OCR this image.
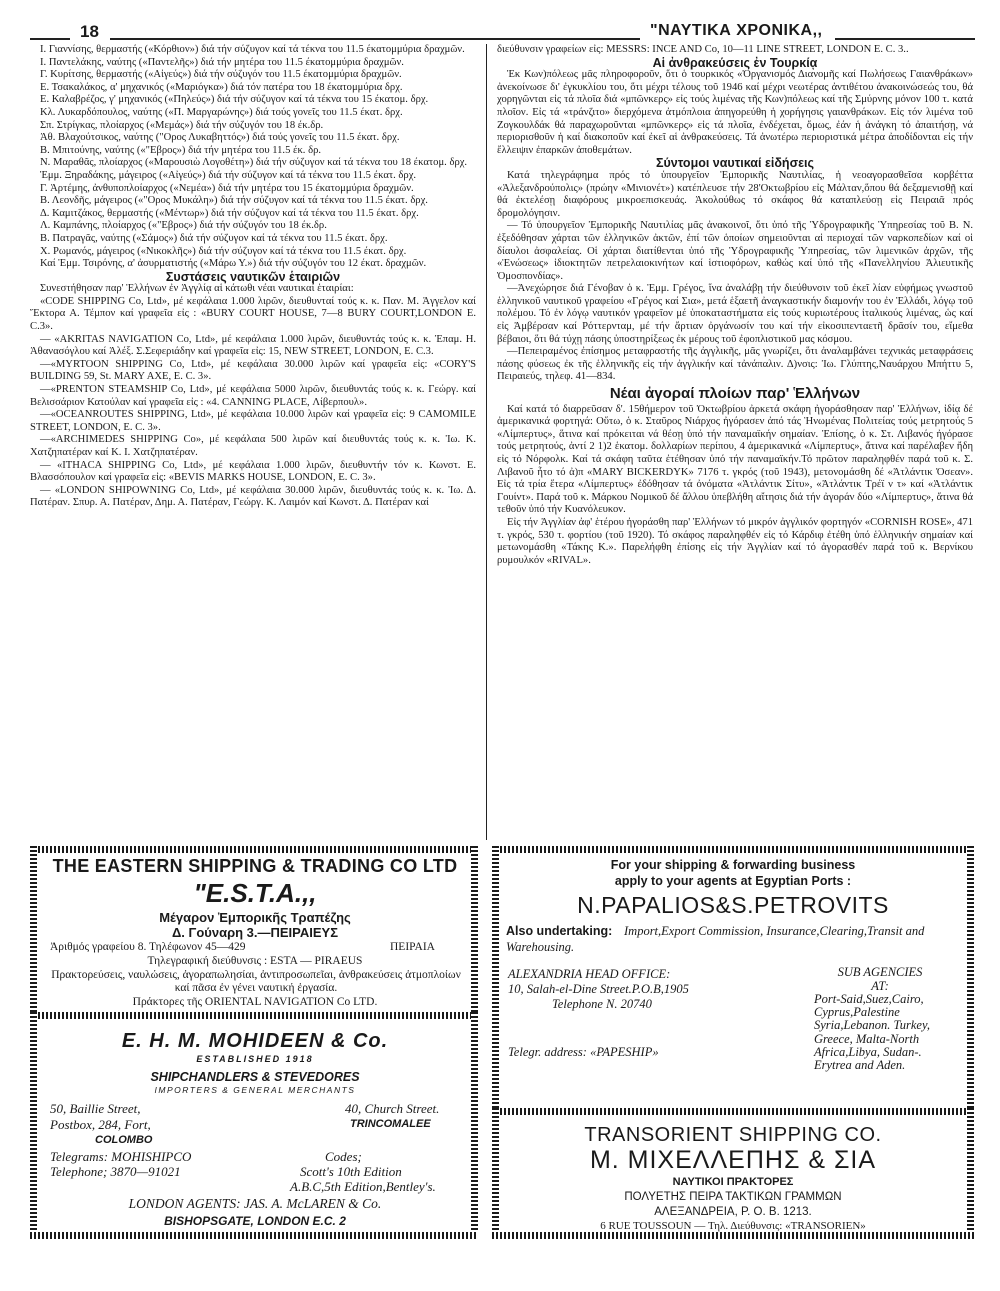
18	"ΝΑΥΤΙΚΑ ΧΡΟΝΙΚΑ,,

Ι. Γιαννίσης, θερμαστής («Κόρθιον») διά τήν σύζυγον καί τά τέκνα του 11.5 έκατομμύρια δραχμῶν.

Ι. Παντελάκης, ναύτης («Παντελῆς») διά τήν μητέρα του 11.5 έκατομμύρια δραχμῶν.

Γ. Κυρίτσης, θερμαστής («Αἰγεύς») διά τήν σύζυγόν του 11.5 έκατομμύρια δραχμῶν.

Ε. Τσακαλάκος, α' μηχανικός («Μαριόγκα») διά τόν πατέρα του 18 έκατομμύρια δρχ.

Ε. Καλαβρέζος, γ' μηχανικός («Πηλεύς») διά τήν σύζυγον καί τά τέκνα του 15 έκατομ. δρχ.

Κλ. Λυκαρδόπουλος, ναύτης («Π. Μαργαρώνης») διά τούς γονεῖς του 11.5 έκατ. δρχ.

Σπ. Στρίγκας, πλοίαρχος («Μεμάς») διά τήν σύζυγόν του 18 έκ.δρ.

Ἀθ. Βλαχούτσικος, ναύτης ("Ορος Λυκαβηττός») διά τούς γονεῖς του 11.5 έκατ. δρχ.

Β. Μπιτούνης, ναύτης («"Εβρος») διά τήν μητέρα του 11.5 έκ. δρ.

Ν. Μαραθᾶς, πλοίαρχος («Μαρουσιὼ Λογοθέτη») διά τήν σύζυγον καί τά τέκνα του 18 έκατομ. δρχ.

Ἐμμ. Ξηραδάκης, μάγειρος («Αἰγεύς») διά τήν σύζυγον καί τά τέκνα του 11.5 έκατ. δρχ.

Γ. Ἀρτέμης, ἀνθυποπλοίαρχος («Νεμέα») διά τήν μητέρα του 15 έκατομμύρια δραχμῶν.

Β. Λεονδῆς, μάγειρος («"Ορος Μυκάλη») διά τήν σύζυγον καί τά τέκνα του 11.5 έκατ. δρχ.

Δ. Καμιτζάκος, θερμαστής («Μέντωρ») διά τήν σύζυγον καί τά τέκνα του 11.5 έκατ. δρχ.

Λ. Καμπάνης, πλοίαρχος («"Εβρος») διά τήν σύζυγόν του 18 έκ.δρ.

Β. Πατραγᾶς, ναύτης («Σάμος») διά τήν σύζυγον καί τά τέκνα του 11.5 έκατ. δρχ.

Χ. Ρωμανός, μάγειρος («Νικοκλῆς») διά τήν σύζυγον καί τά τέκνα του 11.5 έκατ. δρχ.

Καί Ἐμμ. Τσιρόνης, α' ἀσυρματιστής («Μάρω Υ.») διά τήν σύζυγόν του 12 έκατ. δραχμῶν.

Συστάσεις ναυτικῶν ἑταιριῶν

Συνεστήθησαν παρ' Ἑλλήνων ἐν Ἀγγλίᾳ αἱ κάτωθι νέαι ναυτικαί ἑταιρίαι:

«CODE SHIPPING Co, Ltd», μέ κεφάλαια 1.000 λιρῶν, διευθυνταί τούς κ. κ. Παν. Μ. Ἀγγελον καί Ἕκτορα Α. Τέμπον καί γραφεῖα εἰς : «BURY COURT HOUSE, 7—8 BURY COURT,LONDON E. C.3».

— «AKRITAS NAVIGATION Co, Ltd», μέ κεφάλαια 1.000 λιρῶν, διευθυντάς τούς κ. κ. Ἐπαμ. Η. Ἀθανασόγλου καί Ἀλέξ. Σ.Σεφεριάδην καί γραφεῖα εἰς: 15, NEW STREET, LONDON, E. C.3.

—«MYRTOON SHIPPING Co, Ltd», μέ κεφάλαια 30.000 λιρῶν καί γραφεῖα εἰς: «CORY'S BUILDING 59, St. MARY AXE, E. C. 3».

—«PRENTON STEAMSHIP Co, Ltd», μέ κεφάλαια 5000 λιρῶν, διευθυντάς τούς κ. κ. Γεώργ. καί Βελισσάριον Κατούλαν καί γραφεῖα εἰς : «4. CANNING PLACE, Λίβερπουλ».

—«OCEANROUTES SHIPPING, Ltd», μέ κεφάλαια 10.000 λιρῶν καί γραφεῖα εἰς: 9 CAMOMILE STREET, LONDON, E. C. 3».

—«ARCHIMEDES SHIPPING Co», μέ κεφάλαια 500 λιρῶν καί διευθυντάς τούς κ. κ. Ἰω. Κ. Χατζηπατέραν καί Κ. Ι. Χατζηπατέραν.

— «ITHACA SHIPPING Co, Ltd», μέ κεφάλαια 1.000 λιρῶν, διευθυντήν τόν κ. Κωνστ. Ε. Βλασσόπουλον καί γραφεῖα εἰς: «BEVIS MARKS HOUSE, LONDON, E. C. 3».

— «LONDON SHIPOWNING Co, Ltd», μέ κεφάλαια 30.000 λιρῶν, διευθυντάς τούς κ. κ. Ἰω. Δ. Πατέραν. Σπυρ. Α. Πατέραν, Δημ. Α. Πατέραν, Γεώργ. Κ. Λαιμόν καί Κωνστ. Δ. Πατέραν καί

διεύθυνσιν γραφείων εἰς: MESSRS: INCE AND Co, 10—11 LINE STREET, LONDON E. C. 3..

Αἱ ἀνθρακεύσεις ἐν Τουρκίᾳ

Ἐκ Κων)πόλεως μᾶς πληροφοροῦν, ὅτι ὁ τουρκικός «Ὀργανισμός Διανομῆς καί Πωλήσεως Γαιανθράκων» ἀνεκοίνωσε δι' ἐγκυκλίου του, ὅτι μέχρι τέλους τοῦ 1946 καί μέχρι νεωτέρας ἀντιθέτου ἀνακοινώσεώς του, θά χορηγῶνται εἰς τά πλοῖα διά «μπῶνκερς» εἰς τούς λιμένας τῆς Κων)πόλεως καί τῆς Σμύρνης μόνον 100 τ. κατά πλοῖον. Εἰς τά «τράνζιτο» διερχόμενα ἀτμόπλοια ἀπηγορεύθη ἡ χορήγησις γαιανθράκων. Εἰς τόν λιμένα τοῦ Ζογκουλδάκ θά παραχωροῦνται «μπῶνκερς» εἰς τά πλοῖα, ἐνδέχεται, ὅμως, ἐάν ἡ ἀνάγκη τό ἀπαιτήσῃ, νά περιορισθοῦν ἡ καί διακοποῦν καί ἐκεῖ αἱ ἀνθρακεύσεις. Τά ἀνωτέρω περιοριστικά μέτρα ἀποδίδονται εἰς τήν ἔλλειψιν ἐπαρκῶν ἀποθεμάτων.

Σύντομοι ναυτικαί εἰδήσεις

Κατά τηλεγράφημα πρός τό ὑπουργεῖον Ἐμπορικῆς Ναυτιλίας, ἡ νεοαγορασθεῖσα κορβέττα «Ἀλεξανδρούπολις» (πρώην «Μινιονέτ») κατέπλευσε τήν 28'Οκτωβρίου εἰς Μάλταν,ὅπου θά δεξαμενισθῇ καί θά ἐκτελέσῃ διαφόρους μικροεπισκευάς. Ἀκολούθως τό σκάφος θά καταπλεύσῃ εἰς Πειραιᾶ πρός δρομολόγησιν.

— Τό ὑπουργεῖον Ἐμπορικῆς Ναυτιλίας μᾶς ἀνακοινοῖ, ὅτι ὑπό τῆς Ὑδρογραφικῆς Ὑπηρεσίας τοῦ Β. Ν. ἐξεδόθησαν χάρται τῶν ἑλληνικῶν ἀκτῶν, ἐπί τῶν ὁποίων σημειοῦνται αἱ περιοχαί τῶν ναρκοπεδίων καί οἱ δίαυλοι ἀσφαλείας. Οἱ χάρται διατίθενται ὑπό τῆς Ὑδρογραφικῆς Ὑπηρεσίας, τῶν λιμενικῶν ἀρχῶν, τῆς «Ἑνώσεως» ἰδιοκτητῶν πετρελαιοκινήτων καί ἱστιοφόρων, καθώς καί ὑπό τῆς «Πανελληνίου Ἀλιευτικῆς Ὁμοσπονδίας».

—Ἀνεχώρησε διά Γένοβαν ὁ κ. Ἐμμ. Γρέγος, ἵνα ἀναλάβῃ τήν διεύθυνσιν τοῦ ἐκεῖ λίαν εὐφήμως γνωστοῦ ἑλληνικοῦ ναυτικοῦ γραφείου «Γρέγος καί Σια», μετά ἑξαετῆ ἀναγκαστικήν διαμονήν του ἐν Ἑλλάδι, λόγῳ τοῦ πολέμου. Τό ἐν λόγῳ ναυτικόν γραφεῖον μέ ὑποκαταστήματα εἰς τούς κυριωτέρους ἰταλικούς λιμένας, ὡς καί εἰς Ἀμβέρσαν καί Ρόττερνταμ, μέ τήν ἄρτιαν ὀργάνωσίν του καί τήν εἰκοσιπενταετῆ δρᾶσίν του, εἴμεθα βέβαιοι, ὅτι θά τύχῃ πάσης ὑποστηρίξεως ἐκ μέρους τοῦ ἐφοπλιστικοῦ μας κόσμου.

—Πεπειραμένος ἐπίσημος μεταφραστής τῆς ἀγγλικῆς, μᾶς γνωρίζει, ὅτι ἀναλαμβάνει τεχνικάς μεταφράσεις πάσης φύσεως ἐκ τῆς ἑλληνικῆς εἰς τήν ἀγγλικήν καί τἀνάπαλιν. Δ)νσις: Ἰω. Γλύπτης,Ναυάρχου Μπήττυ 5, Πειραιεύς, τηλεφ. 41—834.

Νέαι ἀγοραί πλοίων παρ' Ἑλλήνων

Καί κατά τό διαρρεῦσαν δ'. 15θήμερον τοῦ Ὀκτωβρίου ἀρκετά σκάφη ἠγοράσθησαν παρ' Ἑλλήνων, ἰδίᾳ δέ ἀμερικανικά φορτηγά: Οὕτω, ὁ κ. Σταῦρος Νιάρχος ἠγόρασεν ἀπό τάς Ἡνωμένας Πολιτείας τούς μετρητούς 5 «Λίμπερτυς», ἅτινα καί πρόκειται νά θέσῃ ὑπό τήν παναμαϊκήν σημαίαν. Ἐπίσης, ὁ κ. Στ. Λιβανός ἠγόρασε τούς μετρητούς, ἀντί 2 1)2 ἑκατομ. δολλαρίων περίπου, 4 ἀμερικανικά «Λίμπερτυς», ἅτινα καί παρέλαβεν ἤδη εἰς τό Νόρφολκ. Καί τά σκάφη ταῦτα ἐτέθησαν ὑπό τήν παναμαϊκήν.Τό πρῶτον παραληφθέν παρά τοῦ κ. Σ. Λιβανοῦ ἦτο τό ἀ)π «MARY BICKERDYK» 7176 τ. γκρός (τοῦ 1943), μετονομάσθη δέ «Ἀτλάντικ Ὀσεαν». Εἰς τά τρία ἕτερα «Λίμπερτυς» ἐδόθησαν τά ὀνόματα «Ἀτλάντικ Σίτυ», «Ἀτλάντικ Τρέϊ ν τ» καί «Ἀτλάντικ Γουίντ». Παρά τοῦ κ. Μάρκου Νομικοῦ δέ ἄλλου ὑπεβλήθη αἴτησις διά τήν ἀγοράν δύο «Λίμπερτυς», ἅτινα θά τεθοῦν ὑπό τήν Κυανόλευκον.

Εἰς τήν Ἀγγλίαν ἀφ' ἑτέρου ἠγοράσθη παρ' Ἑλλήνων τό μικρόν ἀγγλικόν φορτηγόν «CORNISH ROSE», 471 τ. γκρός, 530 τ. φορτίου (τοῦ 1920). Τό σκάφος παραληφθέν εἰς τό Κάρδιφ ἐτέθη ὑπό ἑλληνικήν σημαίαν καί μετωνομάσθη «Τάκης Κ.». Παρελήφθη ἐπίσης εἰς τήν Ἀγγλίαν καί τό ἀγορασθέν παρά τοῦ κ. Βερνίκου ρυμουλκόν «RIVAL».

THE EASTERN SHIPPING & TRADING CO LTD
"E.S.T.A.,,
Μέγαρον Ἐμπορικῆς Τραπέζης
Δ. Γούναρη 3.—ΠΕΙΡΑΙΕΥΣ
Ἀριθμός γραφείου 8. Τηλέφωνον 45—429	ΠΕΙΡΑΙΑ
Τηλεγραφική διεύθυνσις : ESTA — PIRAEUS
Πρακτορεύσεις, ναυλώσεις, ἀγοραπωλησίαι, ἀντιπροσωπεῖαι, ἀνθρακεύσεις ἀτμοπλοίων καί πᾶσα ἐν γένει ναυτική ἐργασία.
Πράκτορες τῆς ORIENTAL NAVIGATION Co LTD.
E. H. M. MOHIDEEN & Co.
ESTABLISHED 1918
SHIPCHANDLERS & STEVEDORES
IMPORTERS & GENERAL MERCHANTS
50, Baillie Street,	40, Church Street.
Postbox, 284, Fort,	TRINCOMALEE
COLOMBO
Telegrams: MOHISHIPCO	Codes;
Telephone; 3870—91021	Scott's 10th Edition
A.B.C,5th Edition,Bentley's.
LONDON AGENTS: JAS. A. McLAREN & Co.
BISHOPSGATE, LONDON E.C. 2
For your shipping & forwarding business
apply to your agents at Egyptian Ports :
N.PAPALIOS&S.PETROVITS
Also undertaking: Import,Export Commission, Insurance,Clearing,Transit and Warehousing.
ALEXANDRIA HEAD OFFICE:
10, Salah-el-Dine Street.P.O.B,1905
Telephone N. 20740
Telegr. address: «PAPESHIP»
SUB AGENCIES
AT:
Port-Said,Suez,Cairo, Cyprus,Palestine Syria,Lebanon. Turkey, Greece, Malta-North Africa,Libya, Sudan-. Erytrea and Aden.
TRANSORIENT SHIPPING CO.
Μ. ΜΙΧΕΛΛΕΠΗΣ & ΣIA
ΝΑΥΤΙΚΟΙ ΠΡΑΚΤΟΡΕΣ
ΠΟΛΥΕΤΗΣ ΠΕΙΡΑ ΤΑΚΤΙΚΩΝ ΓΡΑΜΜΩΝ
ΑΛΕΞΑΝΔΡΕΙΑ, P. O. B. 1213.
6 RUE TOUSSOUN — Τηλ. Διεύθυνσις: «TRANSORIEN»
